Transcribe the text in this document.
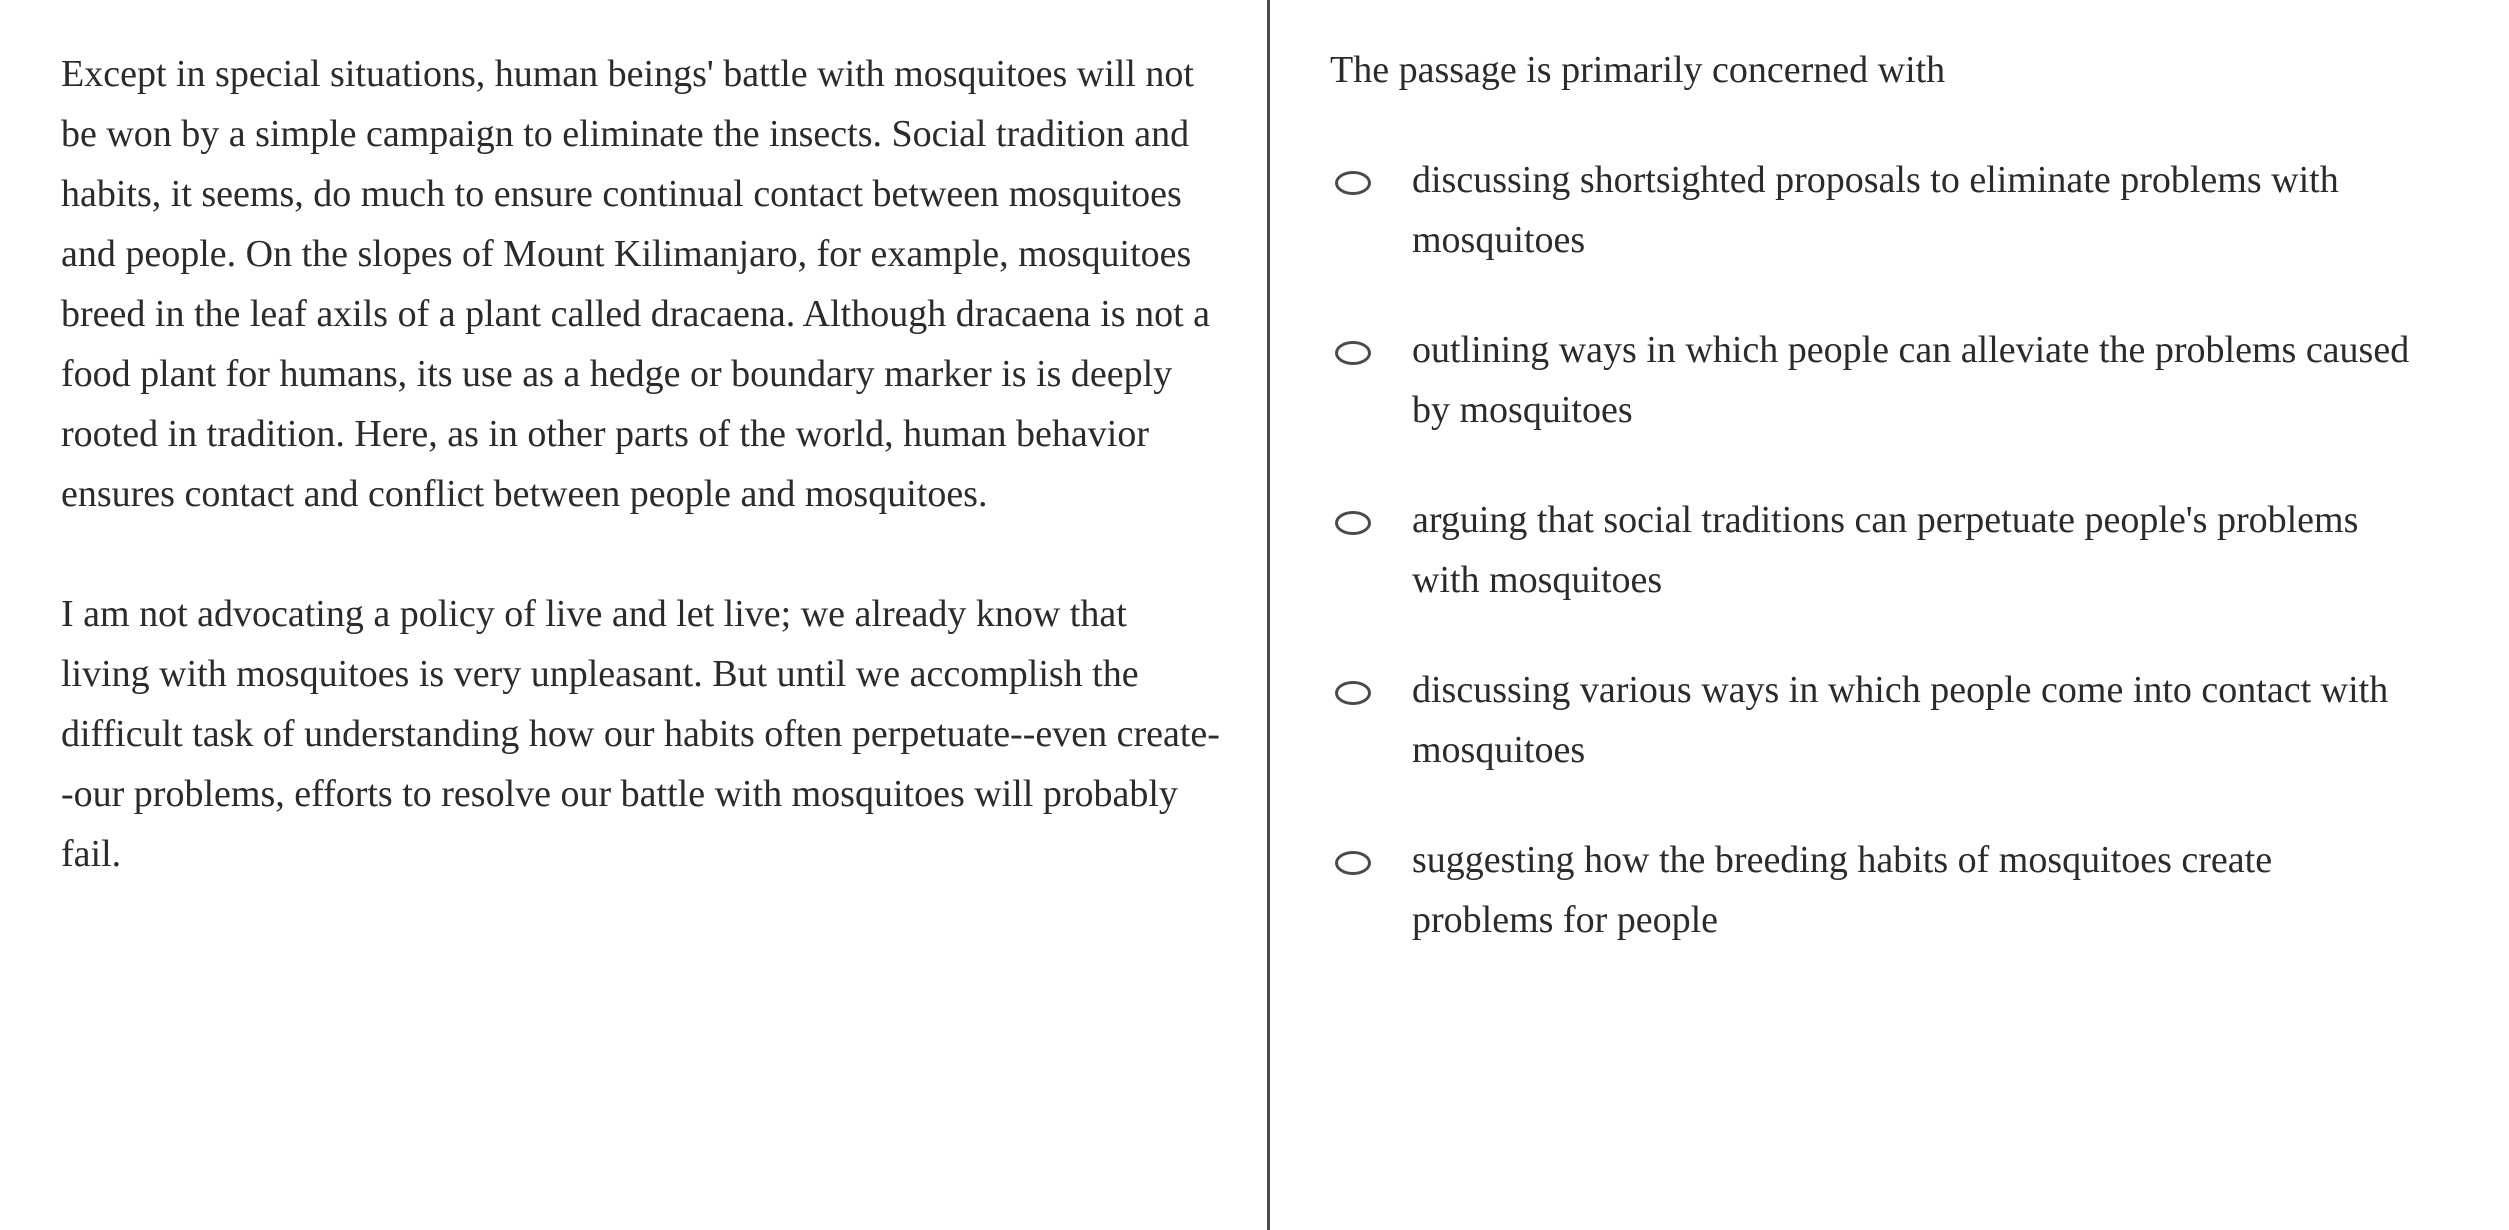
Except in special situations, human beings' battle with mosquitoes will not be won by a simple campaign to eliminate the insects. Social tradition and habits, it seems, do much to ensure continual contact between mosquitoes and people. On the slopes of Mount Kilimanjaro, for example, mosquitoes breed in the leaf axils of a plant called dracaena. Although dracaena is not a food plant for humans, its use as a hedge or boundary marker is is deeply rooted in tradition. Here, as in other parts of the world, human behavior ensures contact and conflict between people and mosquitoes.

I am not advocating a policy of live and let live; we already know that living with mosquitoes is very unpleasant. But until we accomplish the difficult task of understanding how our habits often perpetuate--even create--our problems, efforts to resolve our battle with mosquitoes will probably fail.

The passage is primarily concerned with
discussing shortsighted proposals to eliminate problems with mosquitoes
outlining ways in which people can alleviate the problems caused by mosquitoes
arguing that social traditions can perpetuate people's problems with mosquitoes
discussing various ways in which people come into contact with mosquitoes
suggesting how the breeding habits of mosquitoes create problems for people
